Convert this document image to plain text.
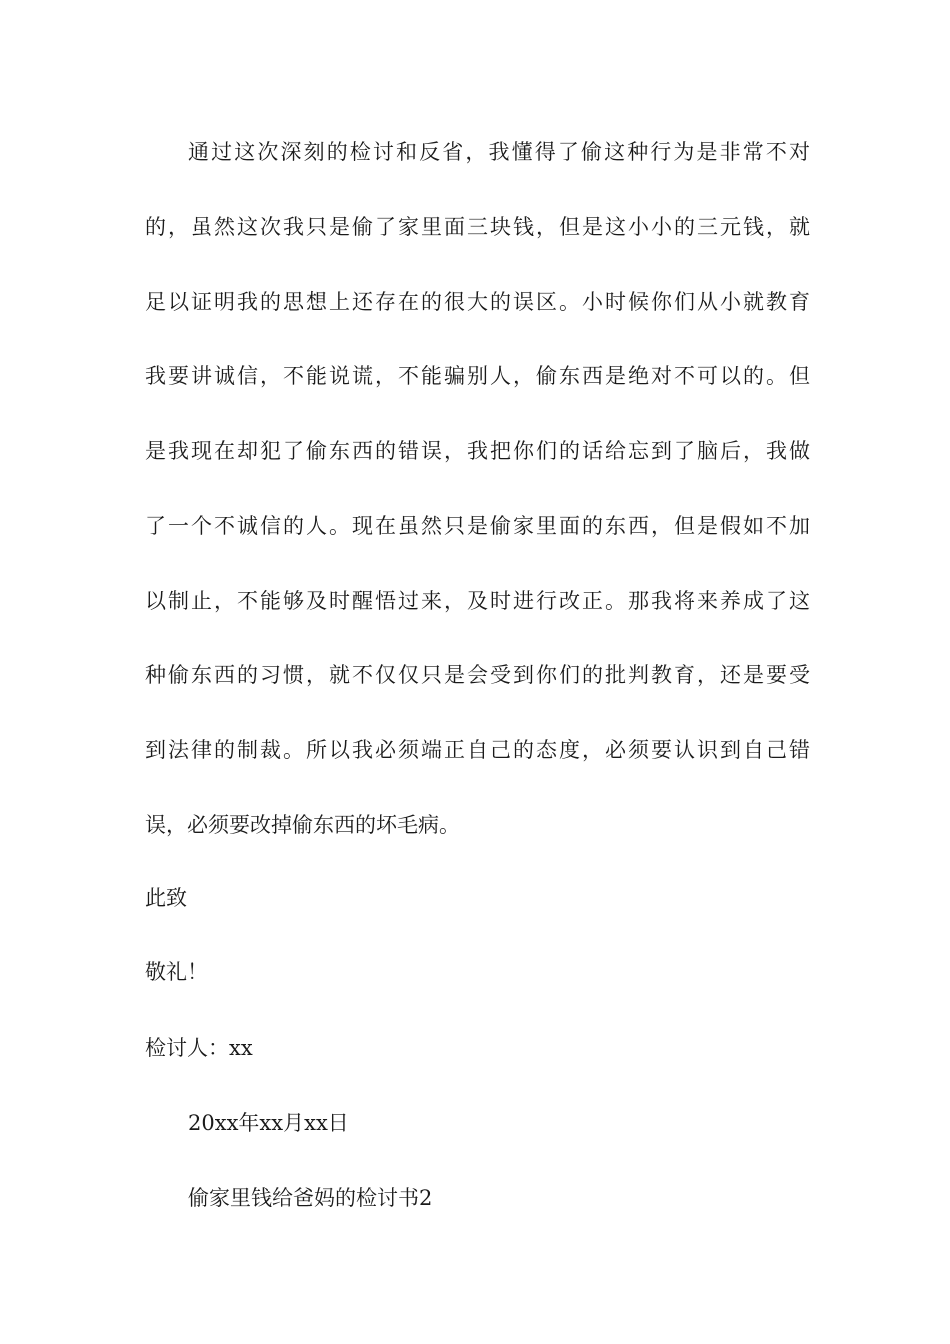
通过这次深刻的检讨和反省，我懂得了偷这种行为是非常不对
的，虽然这次我只是偷了家里面三块钱，但是这小小的三元钱，就
足以证明我的思想上还存在的很大的误区。小时候你们从小就教育
我要讲诚信，不能说谎，不能骗别人，偷东西是绝对不可以的。但
是我现在却犯了偷东西的错误，我把你们的话给忘到了脑后，我做
了一个不诚信的人。现在虽然只是偷家里面的东西，但是假如不加
以制止，不能够及时醒悟过来，及时进行改正。那我将来养成了这
种偷东西的习惯，就不仅仅只是会受到你们的批判教育，还是要受
到法律的制裁。所以我必须端正自己的态度，必须要认识到自己错
误，必须要改掉偷东西的坏毛病。
此致
敬礼！
检讨人：xx
20xx年xx月xx日
偷家里钱给爸妈的检讨书2
